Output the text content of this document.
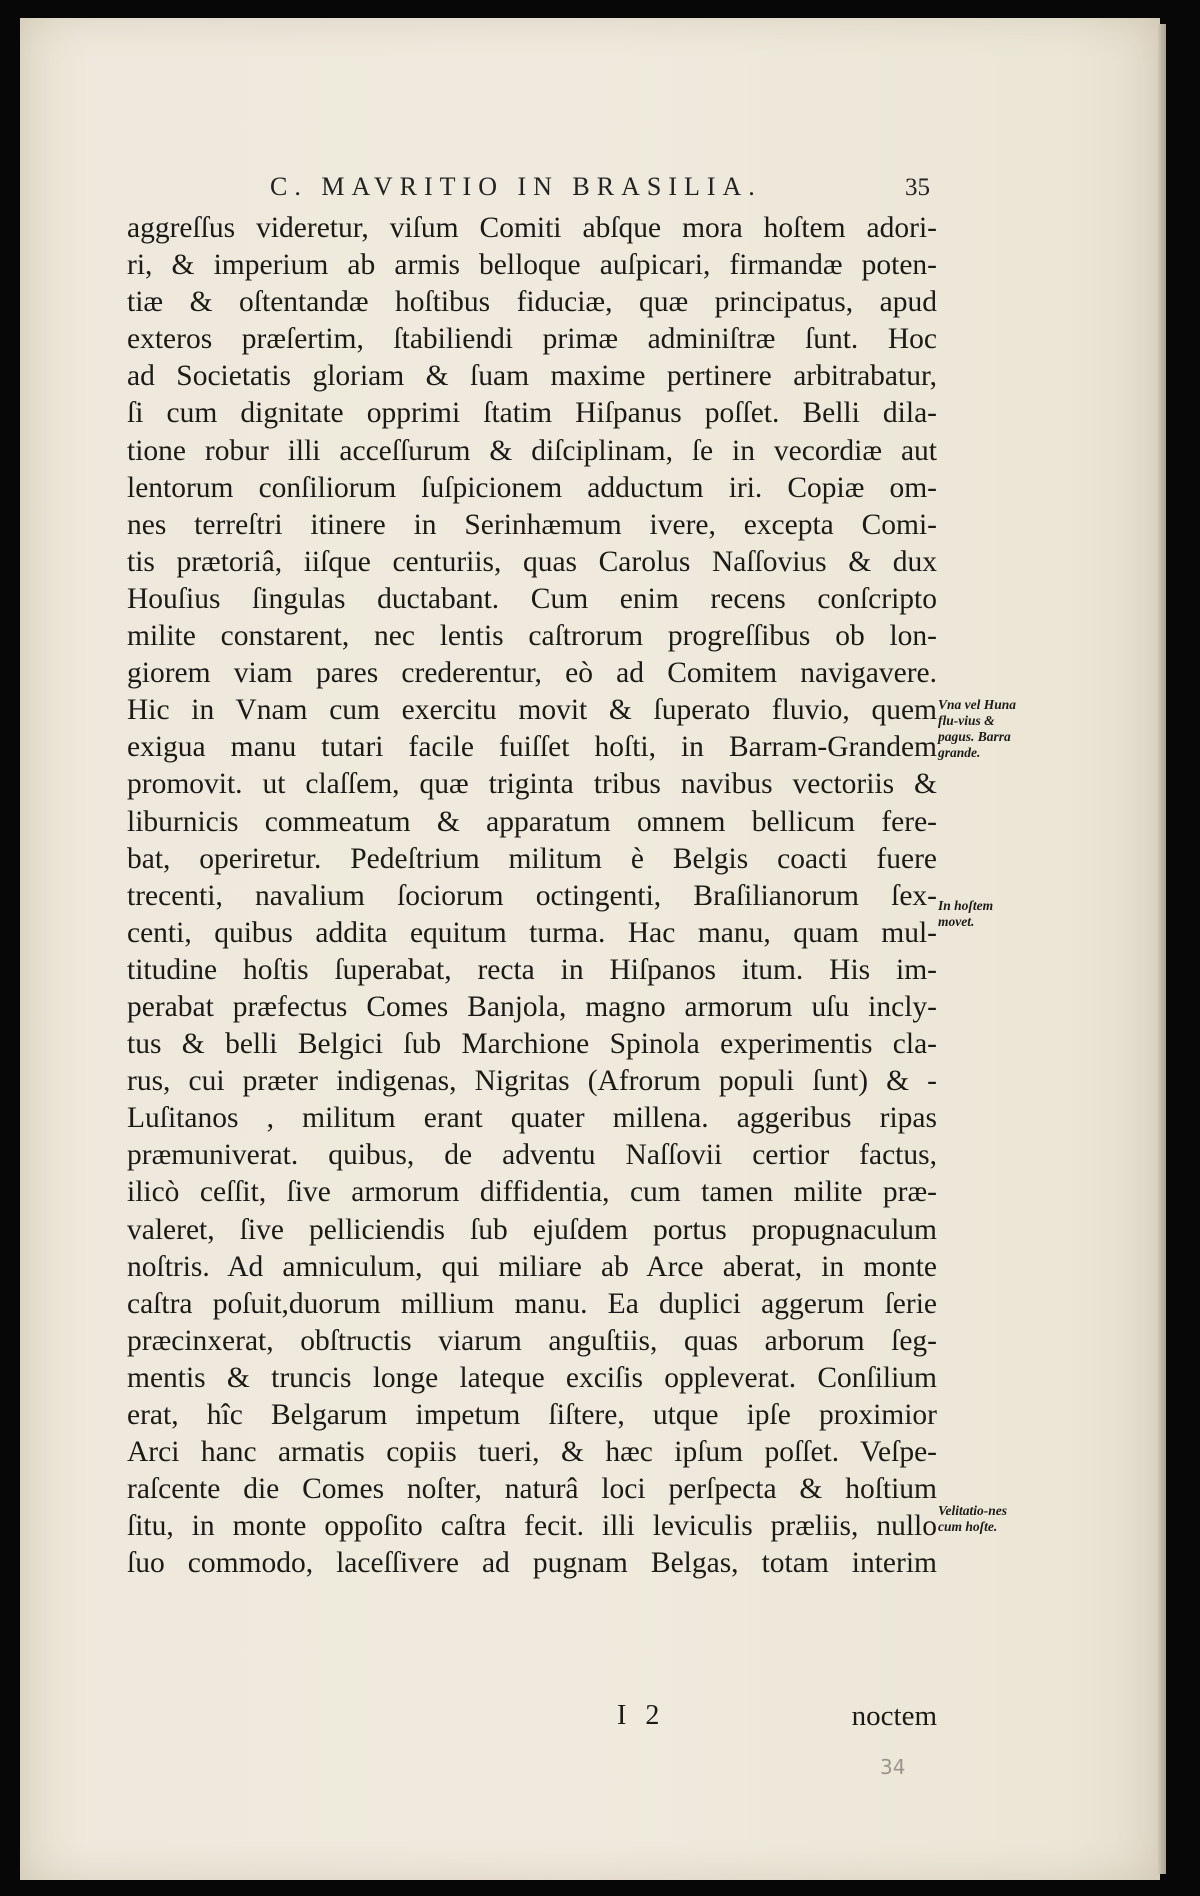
C. MAVRITIO IN BRASILIA.	35
aggreſſus videretur, viſum Comiti abſque mora hoſtem adori-
ri, & imperium ab armis belloque auſpicari, firmandæ poten-
tiæ & oſtentandæ hoſtibus fiduciæ, quæ principatus, apud
exteros præſertim, ſtabiliendi primæ adminiſtræ ſunt. Hoc
ad Societatis gloriam & ſuam maxime pertinere arbitrabatur,
ſi cum dignitate opprimi ſtatim Hiſpanus poſſet. Belli dila-
tione robur illi acceſſurum & diſciplinam, ſe in vecordiæ aut
lentorum conſiliorum ſuſpicionem adductum iri. Copiæ om-
nes terreſtri itinere in Serinhæmum ivere, excepta Comi-
tis prætoriâ, iiſque centuriis, quas Carolus Naſſovius & dux
Houſius ſingulas ductabant. Cum enim recens conſcripto
milite constarent, nec lentis caſtrorum progreſſibus ob lon-
giorem viam pares crederentur, eò ad Comitem navigavere.
Hic in Vnam cum exercitu movit & ſuperato fluvio, quem
exigua manu tutari facile fuiſſet hoſti, in Barram-Grandem
promovit. ut claſſem, quæ triginta tribus navibus vectoriis &
liburnicis commeatum & apparatum omnem bellicum fere-
bat, operiretur. Pedeſtrium militum è Belgis coacti fuere
trecenti, navalium ſociorum octingenti, Braſilianorum ſex-
centi, quibus addita equitum turma. Hac manu, quam mul-
titudine hoſtis ſuperabat, recta in Hiſpanos itum. His im-
perabat præfectus Comes Banjola, magno armorum uſu incly-
tus & belli Belgici ſub Marchione Spinola experimentis cla-
rus, cui præter indigenas, Nigritas (Afrorum populi ſunt) & -
Luſitanos , militum erant quater millena. aggeribus ripas
præmuniverat. quibus, de adventu Naſſovii certior factus,
ilicò ceſſit, ſive armorum diffidentia, cum tamen milite præ-
valeret, ſive pelliciendis ſub ejuſdem portus propugnaculum
noſtris. Ad amniculum, qui miliare ab Arce aberat, in monte
caſtra poſuit,duorum millium manu. Ea duplici aggerum ſerie
præcinxerat, obſtructis viarum anguſtiis, quas arborum ſeg-
mentis & truncis longe lateque exciſis oppleverat. Conſilium
erat, hîc Belgarum impetum ſiſtere, utque ipſe proximior
Arci hanc armatis copiis tueri, & hæc ipſum poſſet. Veſpe-
raſcente die Comes noſter, naturâ loci perſpecta & hoſtium
ſitu, in monte oppoſito caſtra fecit. illi leviculis præliis, nullo
ſuo commodo, laceſſivere ad pugnam Belgas, totam interim
Vna vel Huna flu-vius & pagus. Barra grande.
In hoſtem movet.
Velitatio-nes cum hoſte.
I 2	noctem
34
